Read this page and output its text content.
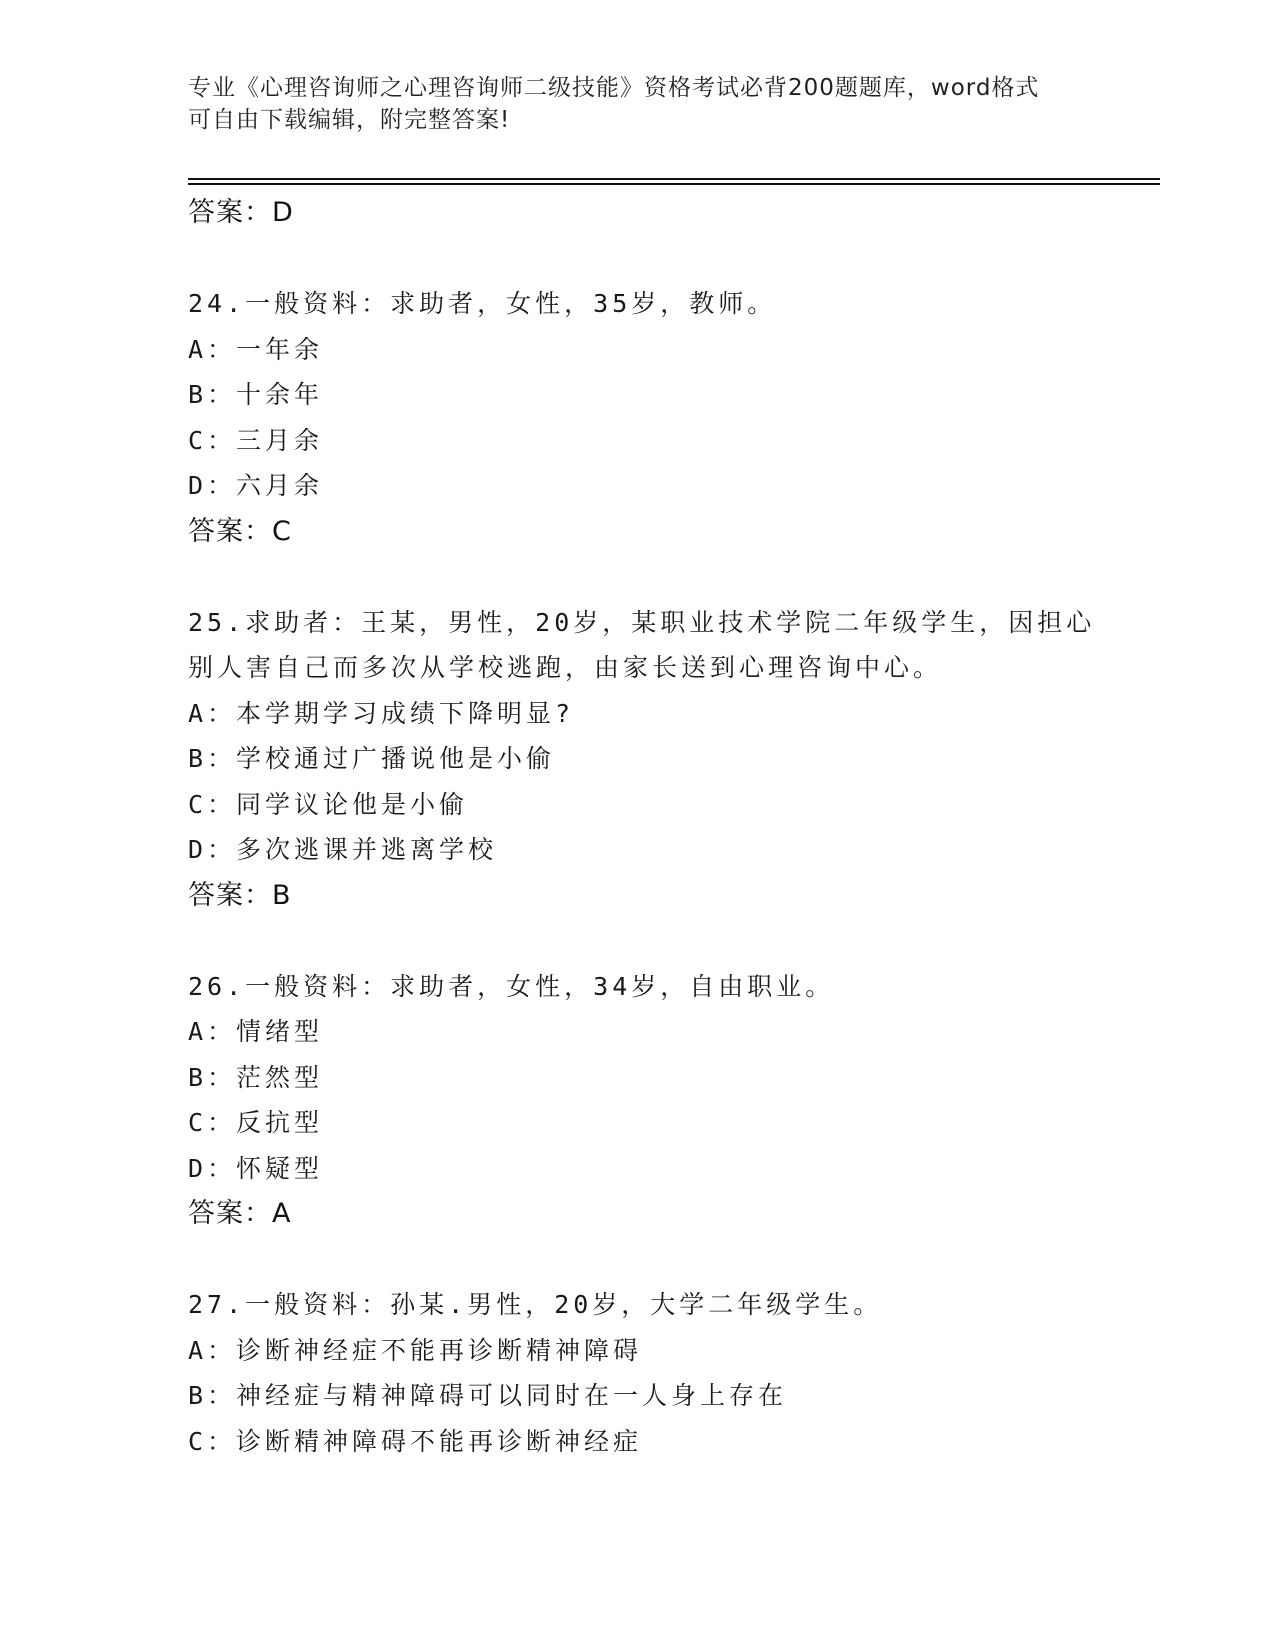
专业《心理咨询师之心理咨询师二级技能》资格考试必背200题题库，word格式
可自由下载编辑，附完整答案!
答案：D
24.一般资料：求助者，女性，35岁，教师。
A：一年余
B：十余年
C：三月余
D：六月余
答案：C
25.求助者：王某，男性，20岁，某职业技术学院二年级学生，因担心
别人害自己而多次从学校逃跑，由家长送到心理咨询中心。
A：本学期学习成绩下降明显?
B：学校通过广播说他是小偷
C：同学议论他是小偷
D：多次逃课并逃离学校
答案：B
26.一般资料：求助者，女性，34岁，自由职业。
A：情绪型
B：茫然型
C：反抗型
D：怀疑型
答案：A
27.一般资料：孙某.男性，20岁，大学二年级学生。
A：诊断神经症不能再诊断精神障碍
B：神经症与精神障碍可以同时在一人身上存在
C：诊断精神障碍不能再诊断神经症
